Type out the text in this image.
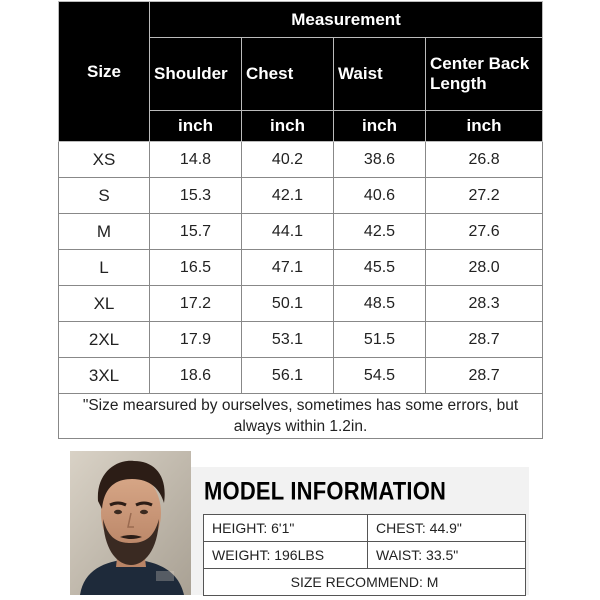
Size	Measurement			
	Shoulder	Chest	Waist	Center Back Length
	inch	inch	inch	inch
XS	14.8	40.2	38.6	26.8
S	15.3	42.1	40.6	27.2
M	15.7	44.1	42.5	27.6
L	16.5	47.1	45.5	28.0
XL	17.2	50.1	48.5	28.3
2XL	17.9	53.1	51.5	28.7
3XL	18.6	56.1	54.5	28.7
"Size mearsured by ourselves, sometimes has some errors, but always within 1.2in.				
MODEL INFORMATION
HEIGHT: 6'1"	CHEST: 44.9"
WEIGHT: 196LBS	WAIST: 33.5"
SIZE RECOMMEND: M	
